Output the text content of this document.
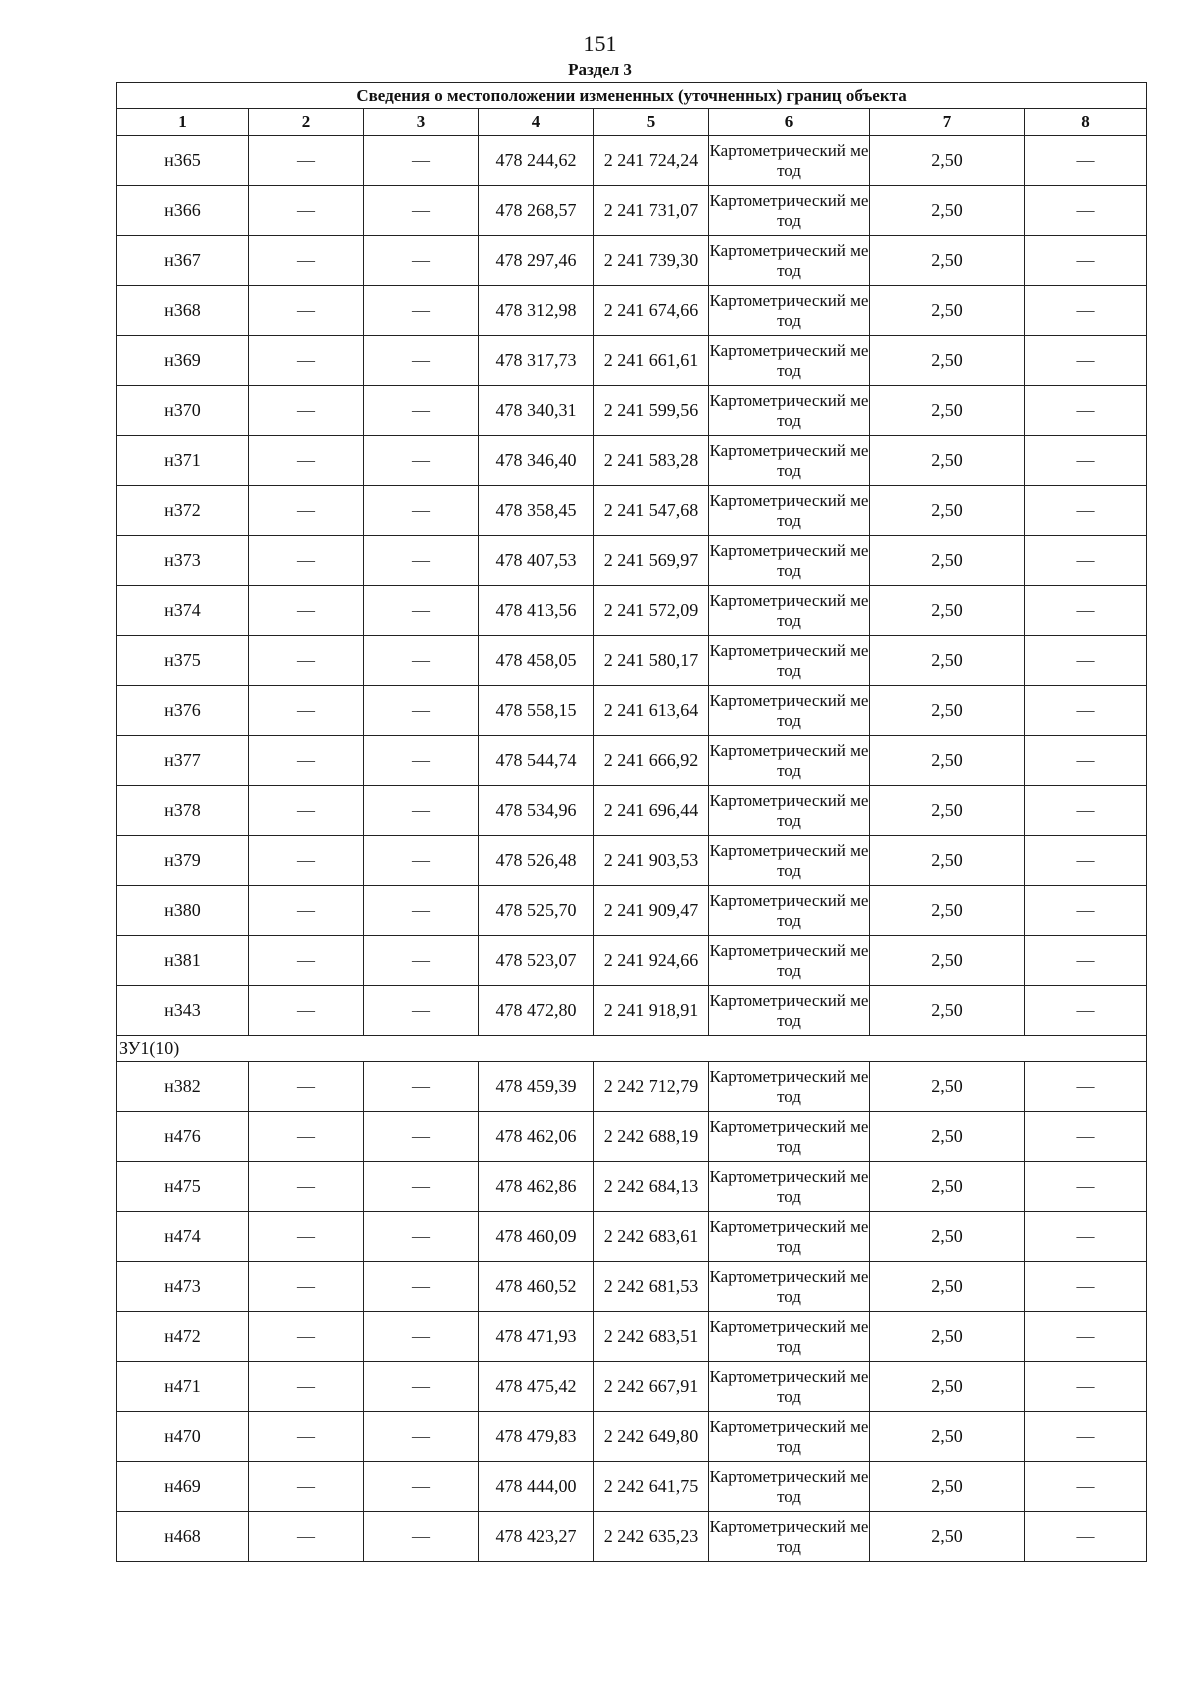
151
Раздел 3
Сведения о местоположении измененных (уточненных) границ объекта							
1	2	3	4	5	6	7	8
н365	—	—	478 244,62	2 241 724,24	Картометрический метод	2,50	—
н366	—	—	478 268,57	2 241 731,07	Картометрический метод	2,50	—
н367	—	—	478 297,46	2 241 739,30	Картометрический метод	2,50	—
н368	—	—	478 312,98	2 241 674,66	Картометрический метод	2,50	—
н369	—	—	478 317,73	2 241 661,61	Картометрический метод	2,50	—
н370	—	—	478 340,31	2 241 599,56	Картометрический метод	2,50	—
н371	—	—	478 346,40	2 241 583,28	Картометрический метод	2,50	—
н372	—	—	478 358,45	2 241 547,68	Картометрический метод	2,50	—
н373	—	—	478 407,53	2 241 569,97	Картометрический метод	2,50	—
н374	—	—	478 413,56	2 241 572,09	Картометрический метод	2,50	—
н375	—	—	478 458,05	2 241 580,17	Картометрический метод	2,50	—
н376	—	—	478 558,15	2 241 613,64	Картометрический метод	2,50	—
н377	—	—	478 544,74	2 241 666,92	Картометрический метод	2,50	—
н378	—	—	478 534,96	2 241 696,44	Картометрический метод	2,50	—
н379	—	—	478 526,48	2 241 903,53	Картометрический метод	2,50	—
н380	—	—	478 525,70	2 241 909,47	Картометрический метод	2,50	—
н381	—	—	478 523,07	2 241 924,66	Картометрический метод	2,50	—
н343	—	—	478 472,80	2 241 918,91	Картометрический метод	2,50	—
ЗУ1(10)							
н382	—	—	478 459,39	2 242 712,79	Картометрический метод	2,50	—
н476	—	—	478 462,06	2 242 688,19	Картометрический метод	2,50	—
н475	—	—	478 462,86	2 242 684,13	Картометрический метод	2,50	—
н474	—	—	478 460,09	2 242 683,61	Картометрический метод	2,50	—
н473	—	—	478 460,52	2 242 681,53	Картометрический метод	2,50	—
н472	—	—	478 471,93	2 242 683,51	Картометрический метод	2,50	—
н471	—	—	478 475,42	2 242 667,91	Картометрический метод	2,50	—
н470	—	—	478 479,83	2 242 649,80	Картометрический метод	2,50	—
н469	—	—	478 444,00	2 242 641,75	Картометрический метод	2,50	—
н468	—	—	478 423,27	2 242 635,23	Картометрический метод	2,50	—
